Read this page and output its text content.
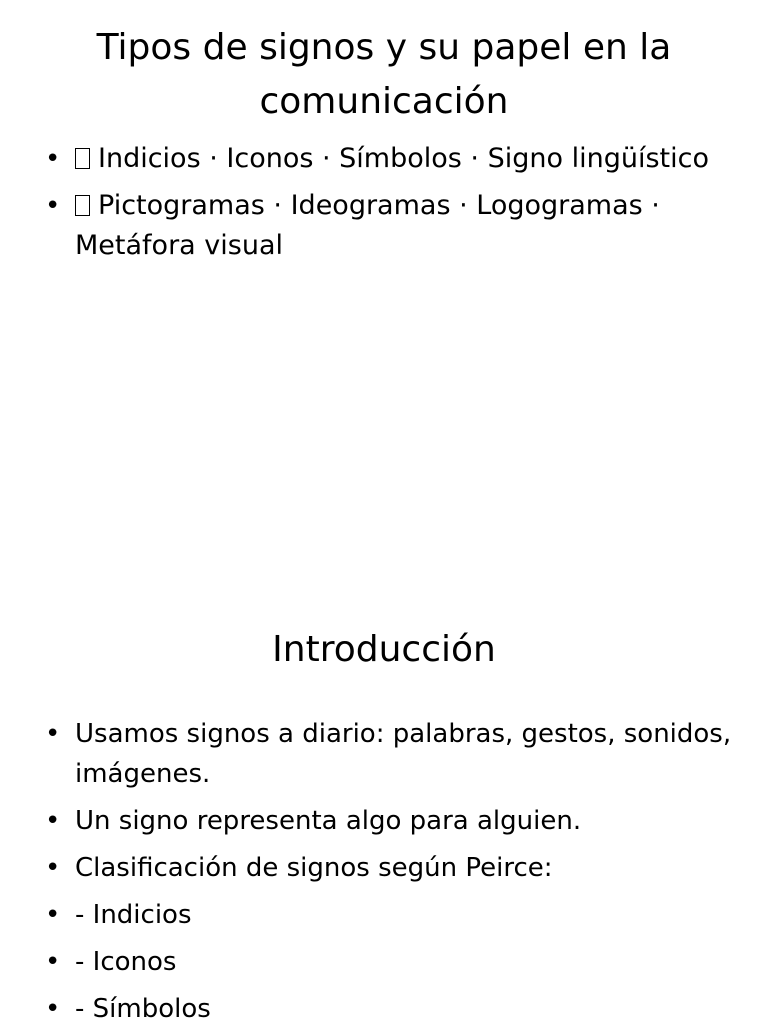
Tipos de signos y su papel en la comunicación
• Indicios · Iconos · Símbolos · Signo lingüístico
• Pictogramas · Ideogramas · Logogramas · Metáfora visual
Introducción
• Usamos signos a diario: palabras, gestos, sonidos, imágenes.
• Un signo representa algo para alguien.
• Clasificación de signos según Peirce:
• - Indicios
• - Iconos
• - Símbolos
